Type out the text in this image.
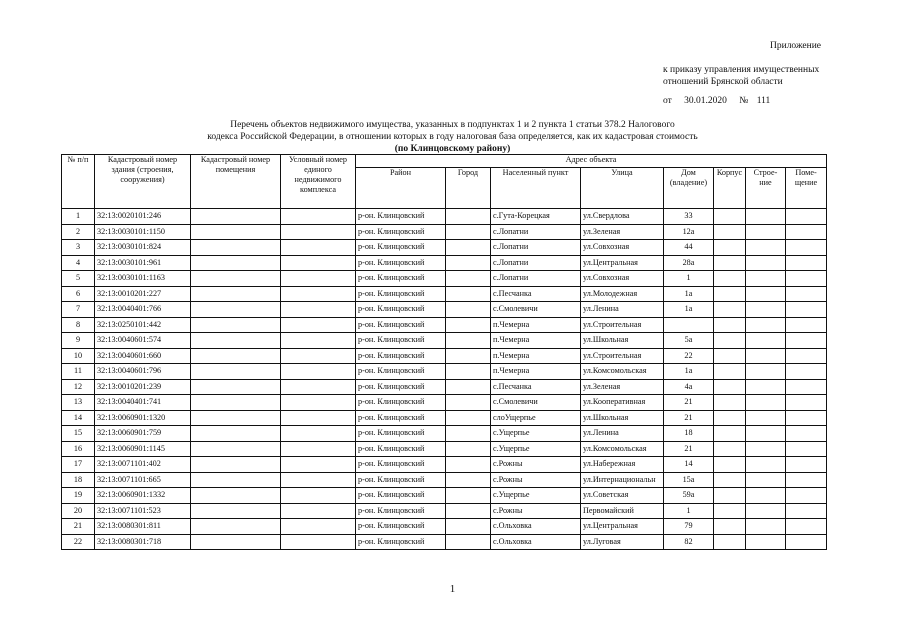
Приложение
к приказу управления имущественных
отношений Брянской области
от 30.01.2020 № 111
Перечень объектов недвижимого имущества, указанных в подпунктах 1 и 2 пункта 1 статьи 378.2 Налогового
кодекса Российской Федерации, в отношении которых в году налоговая база определяется, как их кадастровая стоимость
(по Клинцовскому району)
№ п/п	Кадастровый номер здания (строения, сооружения)	Кадастровый номер помещения	Условный номер единого недвижимого комплекса	Адрес объекта							
				Район	Город	Населенный пункт	Улица	Дом (владение)	Корпус	Строе-ние	Поме-щение
1	32:13:0020101:246			р-он. Клинцовский		с.Гута-Корецкая	ул.Свердлова	33			
2	32:13:0030101:1150			р-он. Клинцовский		с.Лопатни	ул.Зеленая	12а			
3	32:13:0030101:824			р-он. Клинцовский		с.Лопатни	ул.Совхозная	44			
4	32:13:0030101:961			р-он. Клинцовский		с.Лопатни	ул.Центральная	28а			
5	32:13:0030101:1163			р-он. Клинцовский		с.Лопатни	ул.Совхозная	1			
6	32:13:0010201:227			р-он. Клинцовский		с.Песчанка	ул.Молодежная	1а			
7	32:13:0040401:766			р-он. Клинцовский		с.Смолевичи	ул.Ленина	1а			
8	32:13:0250101:442			р-он. Клинцовский		п.Чемерна	ул.Строительная				
9	32:13:0040601:574			р-он. Клинцовский		п.Чемерна	ул.Школьная	5а			
10	32:13:0040601:660			р-он. Клинцовский		п.Чемерна	ул.Строительная	22			
11	32:13:0040601:796			р-он. Клинцовский		п.Чемерна	ул.Комсомольская	1а			
12	32:13:0010201:239			р-он. Клинцовский		с.Песчанка	ул.Зеленая	4а			
13	32:13:0040401:741			р-он. Клинцовский		с.Смолевичи	ул.Кооперативная	21			
14	32:13:0060901:1320			р-он. Клинцовский		слоУщерпье	ул.Школьная	21			
15	32:13:0060901:759			р-он. Клинцовский		с.Ущерпье	ул.Ленина	18			
16	32:13:0060901:1145			р-он. Клинцовский		с.Ущерпье	ул.Комсомольская	21			
17	32:13:0071101:402			р-он. Клинцовский		с.Рожны	ул.Набережная	14			
18	32:13:0071101:665			р-он. Клинцовский		с.Рожны	ул.Интернациональн	15а			
19	32:13:0060901:1332			р-он. Клинцовский		с.Ущерпье	ул.Советская	59а			
20	32:13:0071101:523			р-он. Клинцовский		с.Рожны	Первомайский	1			
21	32:13:0080301:811			р-он. Клинцовский		с.Ольховка	ул.Центральная	79			
22	32:13:0080301:718			р-он. Клинцовский		с.Ольховка	ул.Луговая	82			
1
